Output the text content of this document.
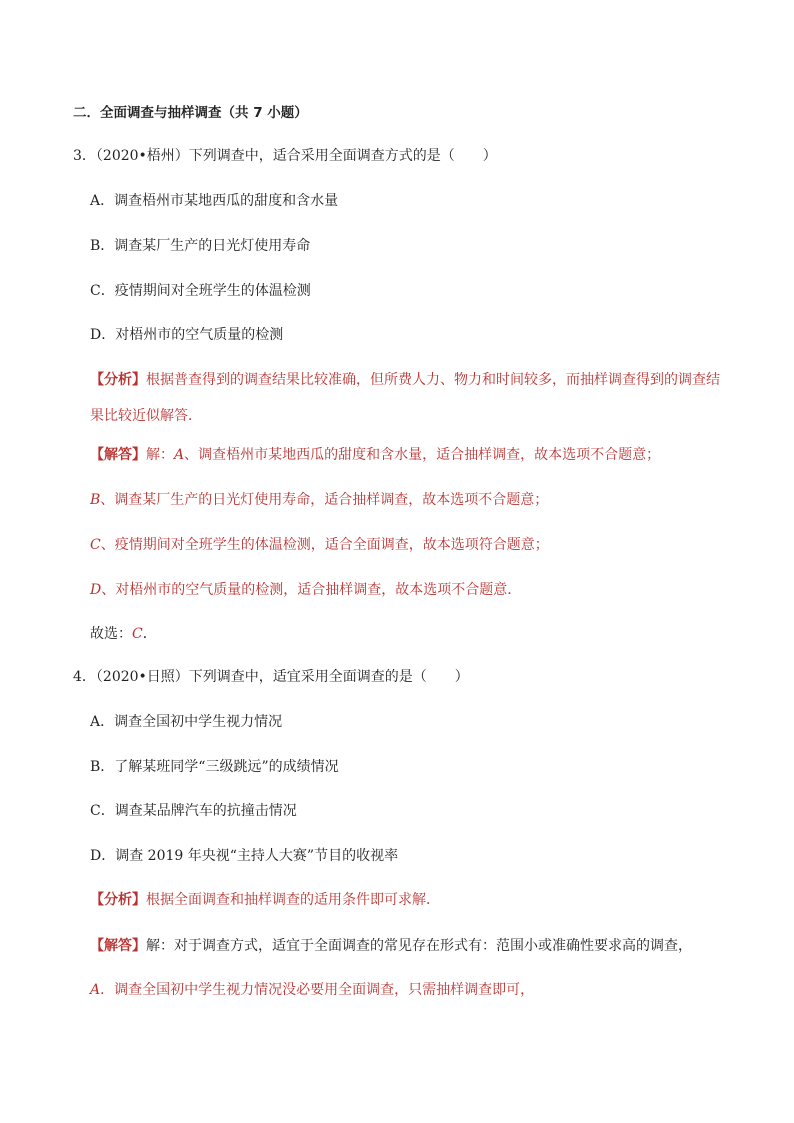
二．全面调查与抽样调查（共 7 小题）
3．（2020•梧州）下列调查中，适合采用全面调查方式的是（　　）
A．调查梧州市某地西瓜的甜度和含水量
B．调查某厂生产的日光灯使用寿命
C．疫情期间对全班学生的体温检测
D．对梧州市的空气质量的检测
【分析】根据普查得到的调查结果比较准确，但所费人力、物力和时间较多，而抽样调查得到的调查结果比较近似解答．
【解答】解：A、调查梧州市某地西瓜的甜度和含水量，适合抽样调查，故本选项不合题意；
B、调查某厂生产的日光灯使用寿命，适合抽样调查，故本选项不合题意；
C、疫情期间对全班学生的体温检测，适合全面调查，故本选项符合题意；
D、对梧州市的空气质量的检测，适合抽样调查，故本选项不合题意．
故选：C．
4．（2020•日照）下列调查中，适宜采用全面调查的是（　　）
A．调查全国初中学生视力情况
B．了解某班同学“三级跳远”的成绩情况
C．调查某品牌汽车的抗撞击情况
D．调查 2019 年央视“主持人大赛”节目的收视率
【分析】根据全面调查和抽样调查的适用条件即可求解．
【解答】解：对于调查方式，适宜于全面调查的常见存在形式有：范围小或准确性要求高的调查，
A．调查全国初中学生视力情况没必要用全面调查，只需抽样调查即可，
